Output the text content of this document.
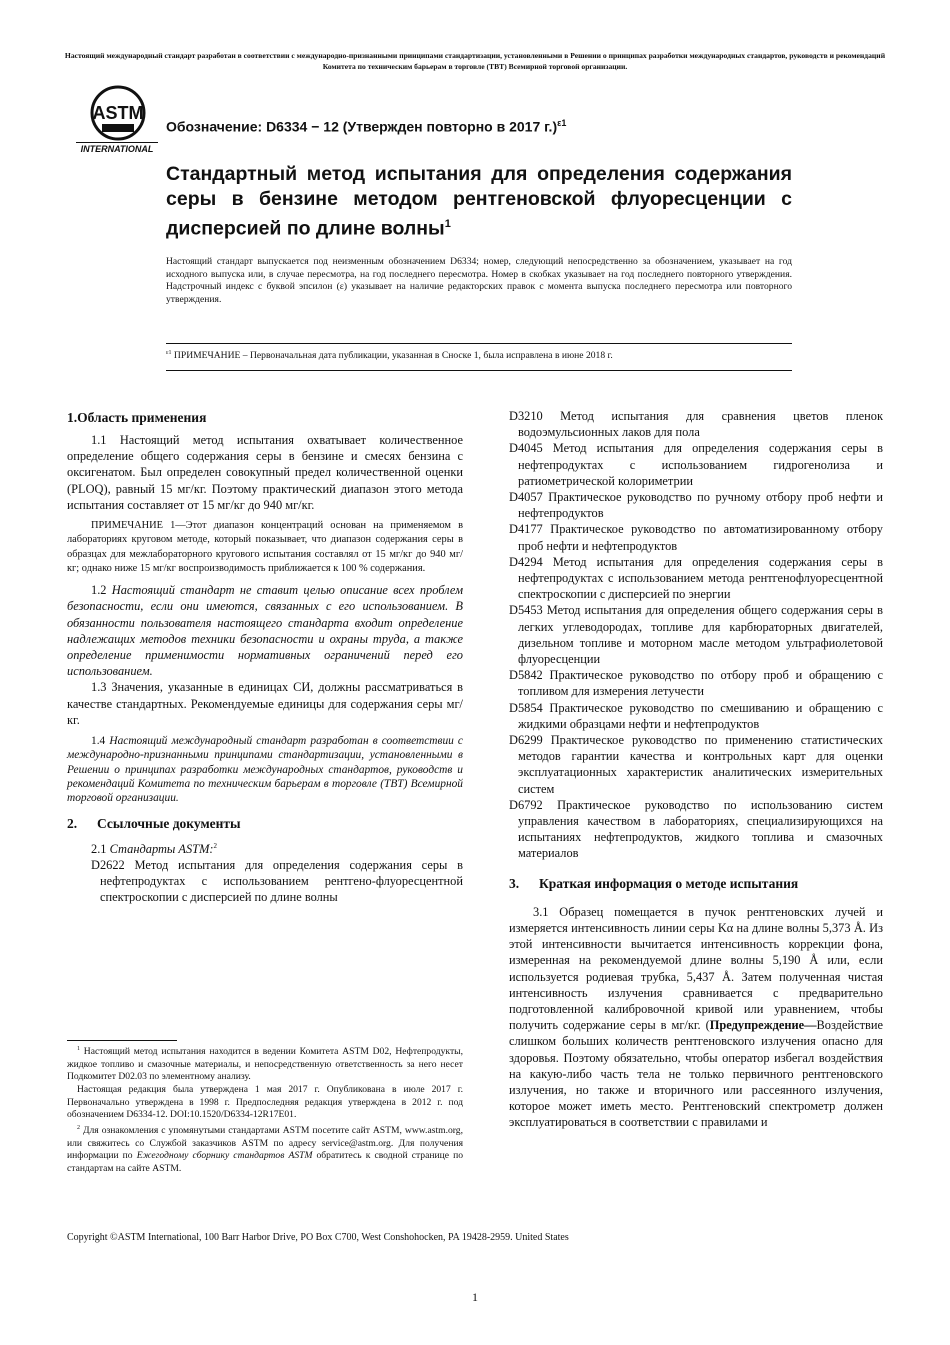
Настоящий международный стандарт разработан в соответствии с международно-признанными принципами стандартизации, установленными в Решении о принципах разработки международных стандартов, руководств и рекомендаций Комитета по техническим барьерам в торговле (TBT) Всемирной торговой организации.
ASTM
INTERNATIONAL
Обозначение: D6334 − 12 (Утвержден повторно в 2017 г.)$^{\varepsilon 1}$
Стандартный метод испытания для определения содержания серы в бензине методом рентгеновской флуоресценции с дисперсией по длине волны$^1$
Настоящий стандарт выпускается под неизменным обозначением D6334; номер, следующий непосредственно за обозначением, указывает на год исходного выпуска или, в случае пересмотра, на год последнего пересмотра. Номер в скобках указывает на год последнего повторного утверждения. Надстрочный индекс с буквой эпсилон (ε) указывает на наличие редакторских правок с момента выпуска последнего пересмотра или повторного утверждения.
$^{\varepsilon 1}$ ПРИМЕЧАНИЕ – Первоначальная дата публикации, указанная в Сноске 1, была исправлена в июне 2018 г.
1.Область применения

1.1 Настоящий метод испытания охватывает количественное определение общего содержания серы в бензине и смесях бензина с оксигенатом. Был определен совокупный предел количественной оценки (PLOQ), равный 15 мг/кг. Поэтому практический диапазон этого метода испытания составляет от 15 мг/кг до 940 мг/кг.

ПРИМЕЧАНИЕ 1—Этот диапазон концентраций основан на применяемом в лабораториях круговом методе, который показывает, что диапазон содержания серы в образцах для межлабораторного кругового испытания составлял от 15 мг/кг до 940 мг/кг; однако ниже 15 мг/кг воспроизводимость приближается к 100 % содержания.

1.2 Настоящий стандарт не ставит целью описание всех проблем безопасности, если они имеются, связанных с его использованием. В обязанности пользователя настоящего стандарта входит определение надлежащих методов техники безопасности и охраны труда, а также определение применимости нормативных ограничений перед его использованием.

1.3 Значения, указанные в единицах СИ, должны рассматриваться в качестве стандартных. Рекомендуемые единицы для содержания серы мг/кг.

1.4 Настоящий международный стандарт разработан в соответствии с международно-признанными принципами стандартизации, установленными в Решении о принципах разработки международных стандартов, руководств и рекомендаций Комитета по техническим барьерам в торговле (TBT) Всемирной торговой организации.

2. Ссылочные документы
2.1 Стандарты ASTM:$^2$

D2622 Метод испытания для определения содержания серы в нефтепродуктах с использованием рентгено-флуоресцентной спектроскопии с дисперсией по длине волны

$^1$ Настоящий метод испытания находится в ведении Комитета ASTM D02, Нефтепродукты, жидкое топливо и смазочные материалы, и непосредственную ответственность за него несет Подкомитет D02.03 по элементному анализу.

Настоящая редакция была утверждена 1 мая 2017 г. Опубликована в июле 2017 г. Первоначально утверждена в 1998 г. Предпоследняя редакция утверждена в 2012 г. под обозначением D6334-12. DOI:10.1520/D6334-12R17E01.

$^2$ Для ознакомления с упомянутыми стандартами ASTM посетите сайт ASTM, www.astm.org, или свяжитесь со Службой заказчиков ASTM по адресу service@astm.org. Для получения информации по Ежегодному сборнику стандартов ASTM обратитесь к сводной странице по стандартам на сайте ASTM.

D3210 Метод испытания для сравнения цветов пленок водоэмульсионных лаков для пола

D4045 Метод испытания для определения содержания серы в нефтепродуктах с использованием гидрогенолиза и ратиометрической колориметрии

D4057 Практическое руководство по ручному отбору проб нефти и нефтепродуктов

D4177 Практическое руководство по автоматизированному отбору проб нефти и нефтепродуктов

D4294 Метод испытания для определения содержания серы в нефтепродуктах с использованием метода рентгенофлуоресцентной спектроскопии с дисперсией по энергии

D5453 Метод испытания для определения общего содержания серы в легких углеводородах, топливе для карбюраторных двигателей, дизельном топливе и моторном масле методом ультрафиолетовой флуоресценции

D5842 Практическое руководство по отбору проб и обращению с топливом для измерения летучести

D5854 Практическое руководство по смешиванию и обращению с жидкими образцами нефти и нефтепродуктов

D6299 Практическое руководство по применению статистических методов гарантии качества и контрольных карт для оценки эксплуатационных характеристик аналитических измерительных систем

D6792 Практическое руководство по использованию систем управления качеством в лабораториях, специализирующихся на испытаниях нефтепродуктов, жидкого топлива и смазочных материалов

3. Краткая информация о методе испытания

3.1 Образец помещается в пучок рентгеновских лучей и измеряется интенсивность линии серы Kα на длине волны 5,373 Å. Из этой интенсивности вычитается интенсивность коррекции фона, измеренная на рекомендуемой длине волны 5,190 Å или, если используется родиевая трубка, 5,437 Å. Затем полученная чистая интенсивность излучения сравнивается с предварительно подготовленной калибровочной кривой или уравнением, чтобы получить содержание серы в мг/кг. (Предупреждение—Воздействие слишком больших количеств рентгеновского излучения опасно для здоровья. Поэтому обязательно, чтобы оператор избегал воздействия на какую-либо часть тела не только первичного рентгеновского излучения, но также и вторичного или рассеянного излучения, которое может иметь место. Рентгеновский спектрометр должен эксплуатироваться в соответствии с правилами и

Copyright ©ASTM International, 100 Barr Harbor Drive, PO Box C700, West Conshohocken, PA 19428-2959. United States
1
